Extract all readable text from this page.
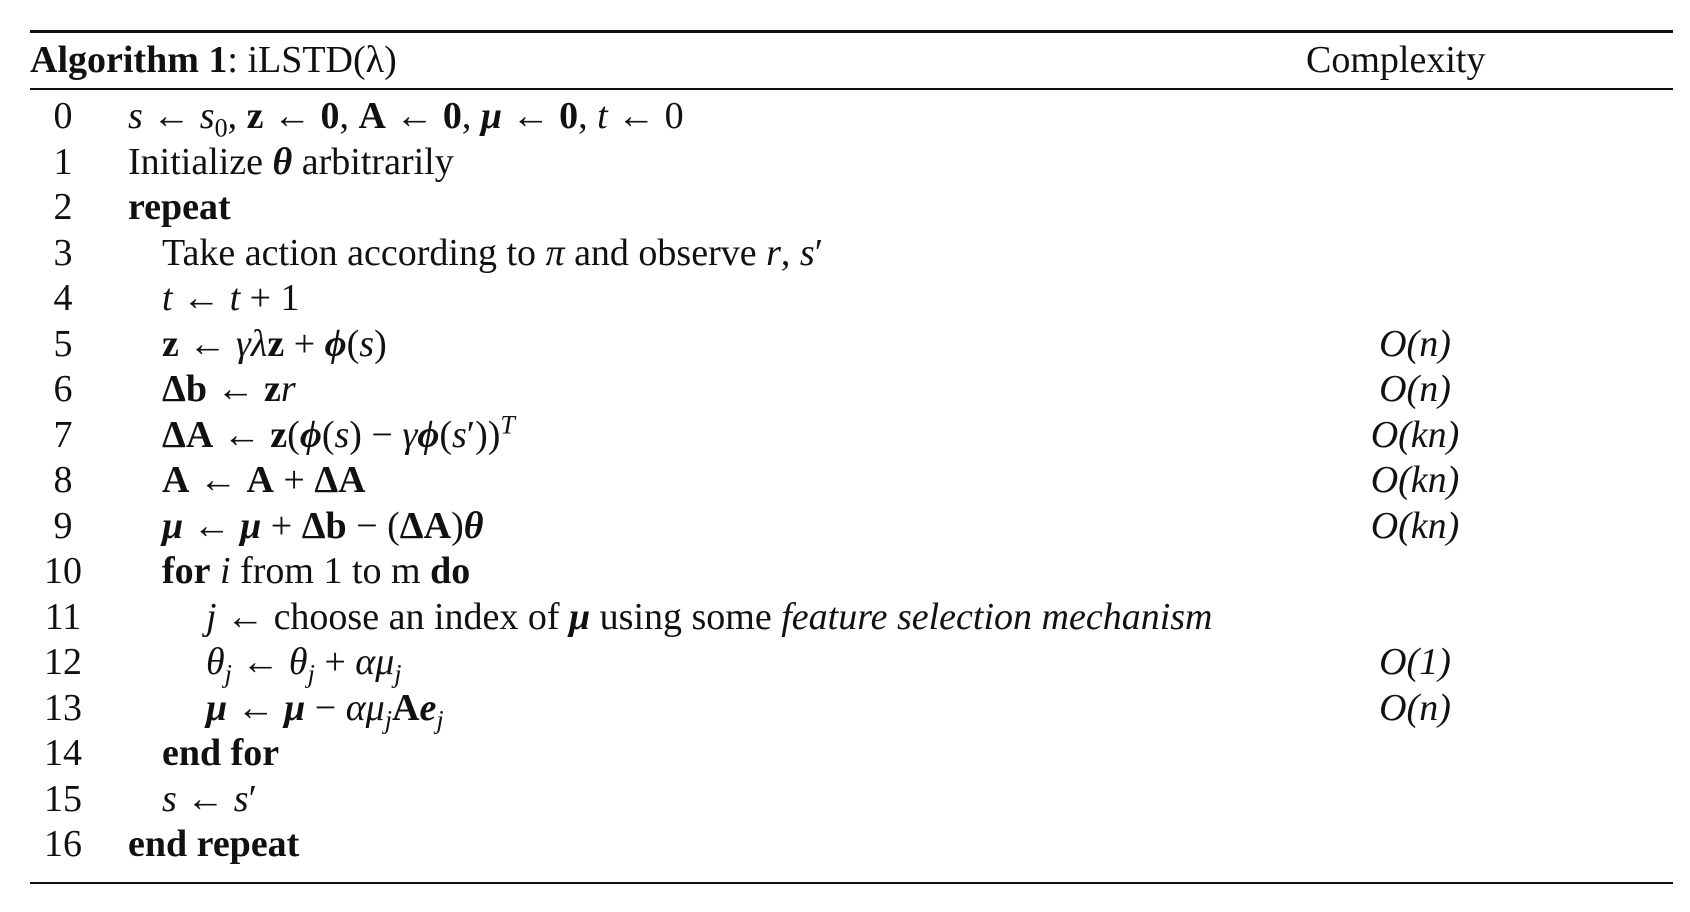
Algorithm 1: iLSTD(λ)	Complexity
0	s ← $s_0$, z ← 0, A ← 0, μ ← 0, t ← 0
1	Initialize θ arbitrarily
2	repeat
3	Take action according to π and observe r, s′
4	t ← t + 1
5	z ← γλz + ϕ(s)	O(n)
6	Δb ← zr	O(n)
7	ΔA ← $z(\phi(s) - \gamma\phi(s'))^T$	O(kn)
8	A ← A + ΔA	O(kn)
9	μ ← μ + Δb − (ΔA)θ	O(kn)
10	for i from 1 to m do
11	j ← choose an index of μ using some feature selection mechanism
12	$\theta_j$ ← $\theta_j + \alpha\mu_j$	O(1)
13	μ ← $\mu - \alpha\mu_jAe_j$	O(n)
14	end for
15	s ← s′
16	end repeat
